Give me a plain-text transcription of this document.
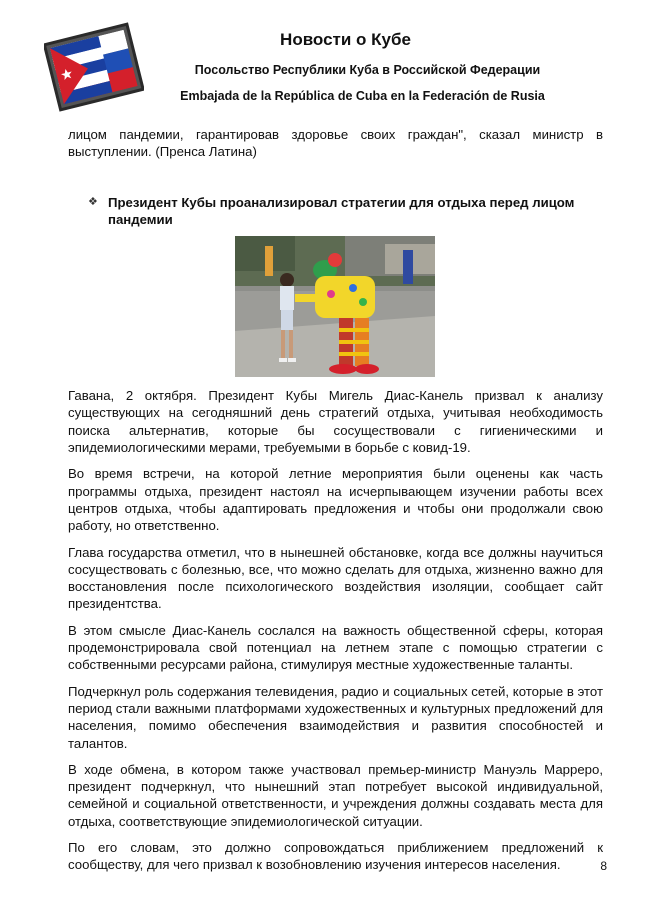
Новости о Кубе
Посольство Республики Куба в Российской Федерации
Embajada de la República de Cuba en la Federación de Rusia

лицом пандемии, гарантировав здоровье своих граждан", сказал министр в выступлении. (Пренса Латина)

❖ Президент Кубы проанализировал стратегии для отдыха перед лицом пандемии

Гавана, 2 октября. Президент Кубы Мигель Диас-Канель призвал к анализу существующих на сегодняшний день стратегий отдыха, учитывая необходимость поиска альтернатив, которые бы сосуществовали с гигиеническими и эпидемиологическими мерами, требуемыми в борьбе с ковид-19.

Во время встречи, на которой летние мероприятия были оценены как часть программы отдыха, президент настоял на исчерпывающем изучении работы всех центров отдыха, чтобы адаптировать предложения и чтобы они продолжали свою работу, но ответственно.

Глава государства отметил, что в нынешней обстановке, когда все должны научиться сосуществовать с болезнью, все, что можно сделать для отдыха, жизненно важно для восстановления после психологического воздействия изоляции, сообщает сайт президентства.

В этом смысле Диас-Канель сослался на важность общественной сферы, которая продемонстрировала свой потенциал на летнем этапе с помощью стратегии с собственными ресурсами района, стимулируя местные художественные таланты.

Подчеркнул роль содержания телевидения, радио и социальных сетей, которые в этот период стали важными платформами художественных и культурных предложений для населения, помимо обеспечения взаимодействия и развития способностей и талантов.

В ходе обмена, в котором также участвовал премьер-министр Мануэль Марреро, президент подчеркнул, что нынешний этап потребует высокой индивидуальной, семейной и социальной ответственности, и учреждения должны создавать места для отдыха, соответствующие эпидемиологической ситуации.

По его словам, это должно сопровождаться приближением предложений к сообществу, для чего призвал к возобновлению изучения интересов населения.	8
